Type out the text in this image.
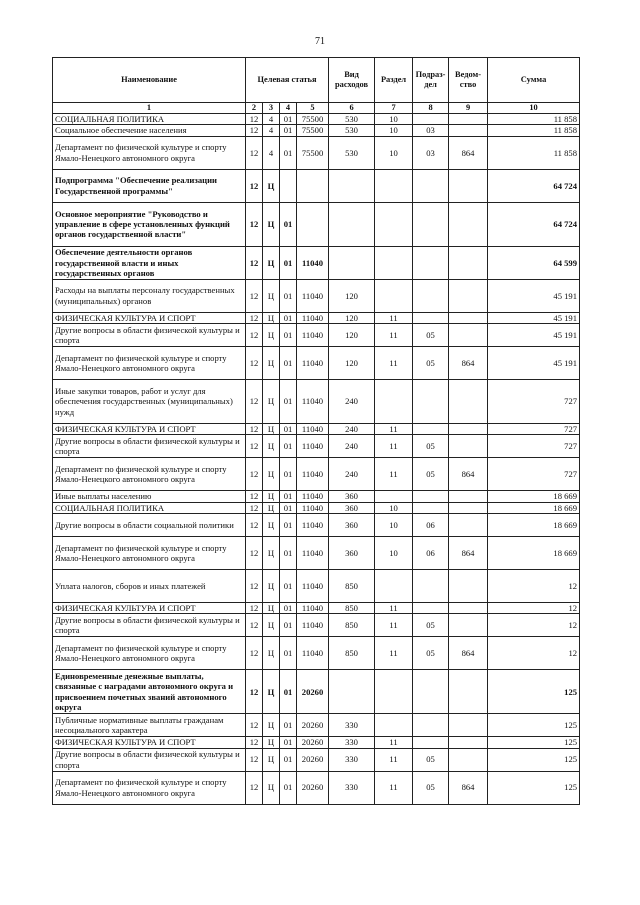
71
Наименование	Целевая статья				Вид расходов	Раздел	Подраз- дел	Ведом- ство	Сумма
1	2	3	4	5	6	7	8	9	10
СОЦИАЛЬНАЯ ПОЛИТИКА	12	4	01	75500	530	10			11 858
Социальное обеспечение населения	12	4	01	75500	530	10	03		11 858
Департамент по физической культуре и спорту Ямало-Ненецкого автономного округа	12	4	01	75500	530	10	03	864	11 858
Подпрограмма "Обеспечение реализации Государственной программы"	12	Ц							64 724
Основное мероприятие "Руководство и управление в сфере установленных функций органов государственной власти"	12	Ц	01						64 724
Обеспечение деятельности органов государственной власти и иных государственных органов	12	Ц	01	11040					64 599
Расходы на выплаты персоналу государственных (муниципальных) органов	12	Ц	01	11040	120				45 191
ФИЗИЧЕСКАЯ КУЛЬТУРА И СПОРТ	12	Ц	01	11040	120	11			45 191
Другие вопросы в области физической культуры и спорта	12	Ц	01	11040	120	11	05		45 191
Департамент по физической культуре и спорту Ямало-Ненецкого автономного округа	12	Ц	01	11040	120	11	05	864	45 191
Иные закупки товаров, работ и услуг для обеспечения государственных (муниципальных) нужд	12	Ц	01	11040	240				727
ФИЗИЧЕСКАЯ КУЛЬТУРА И СПОРТ	12	Ц	01	11040	240	11			727
Другие вопросы в области физической культуры и спорта	12	Ц	01	11040	240	11	05		727
Департамент по физической культуре и спорту Ямало-Ненецкого автономного округа	12	Ц	01	11040	240	11	05	864	727
Иные выплаты населению	12	Ц	01	11040	360				18 669
СОЦИАЛЬНАЯ ПОЛИТИКА	12	Ц	01	11040	360	10			18 669
Другие вопросы в области социальной политики	12	Ц	01	11040	360	10	06		18 669
Департамент по физической культуре и спорту Ямало-Ненецкого автономного округа	12	Ц	01	11040	360	10	06	864	18 669
Уплата налогов, сборов и иных платежей	12	Ц	01	11040	850				12
ФИЗИЧЕСКАЯ КУЛЬТУРА И СПОРТ	12	Ц	01	11040	850	11			12
Другие вопросы в области физической культуры и спорта	12	Ц	01	11040	850	11	05		12
Департамент по физической культуре и спорту Ямало-Ненецкого автономного округа	12	Ц	01	11040	850	11	05	864	12
Единовременные денежные выплаты, связанные с наградами автономного округа и присвоением почетных званий автономного округа	12	Ц	01	20260					125
Публичные нормативные выплаты гражданам несоциального характера	12	Ц	01	20260	330				125
ФИЗИЧЕСКАЯ КУЛЬТУРА И СПОРТ	12	Ц	01	20260	330	11			125
Другие вопросы в области физической культуры и спорта	12	Ц	01	20260	330	11	05		125
Департамент по физической культуре и спорту Ямало-Ненецкого автономного округа	12	Ц	01	20260	330	11	05	864	125
